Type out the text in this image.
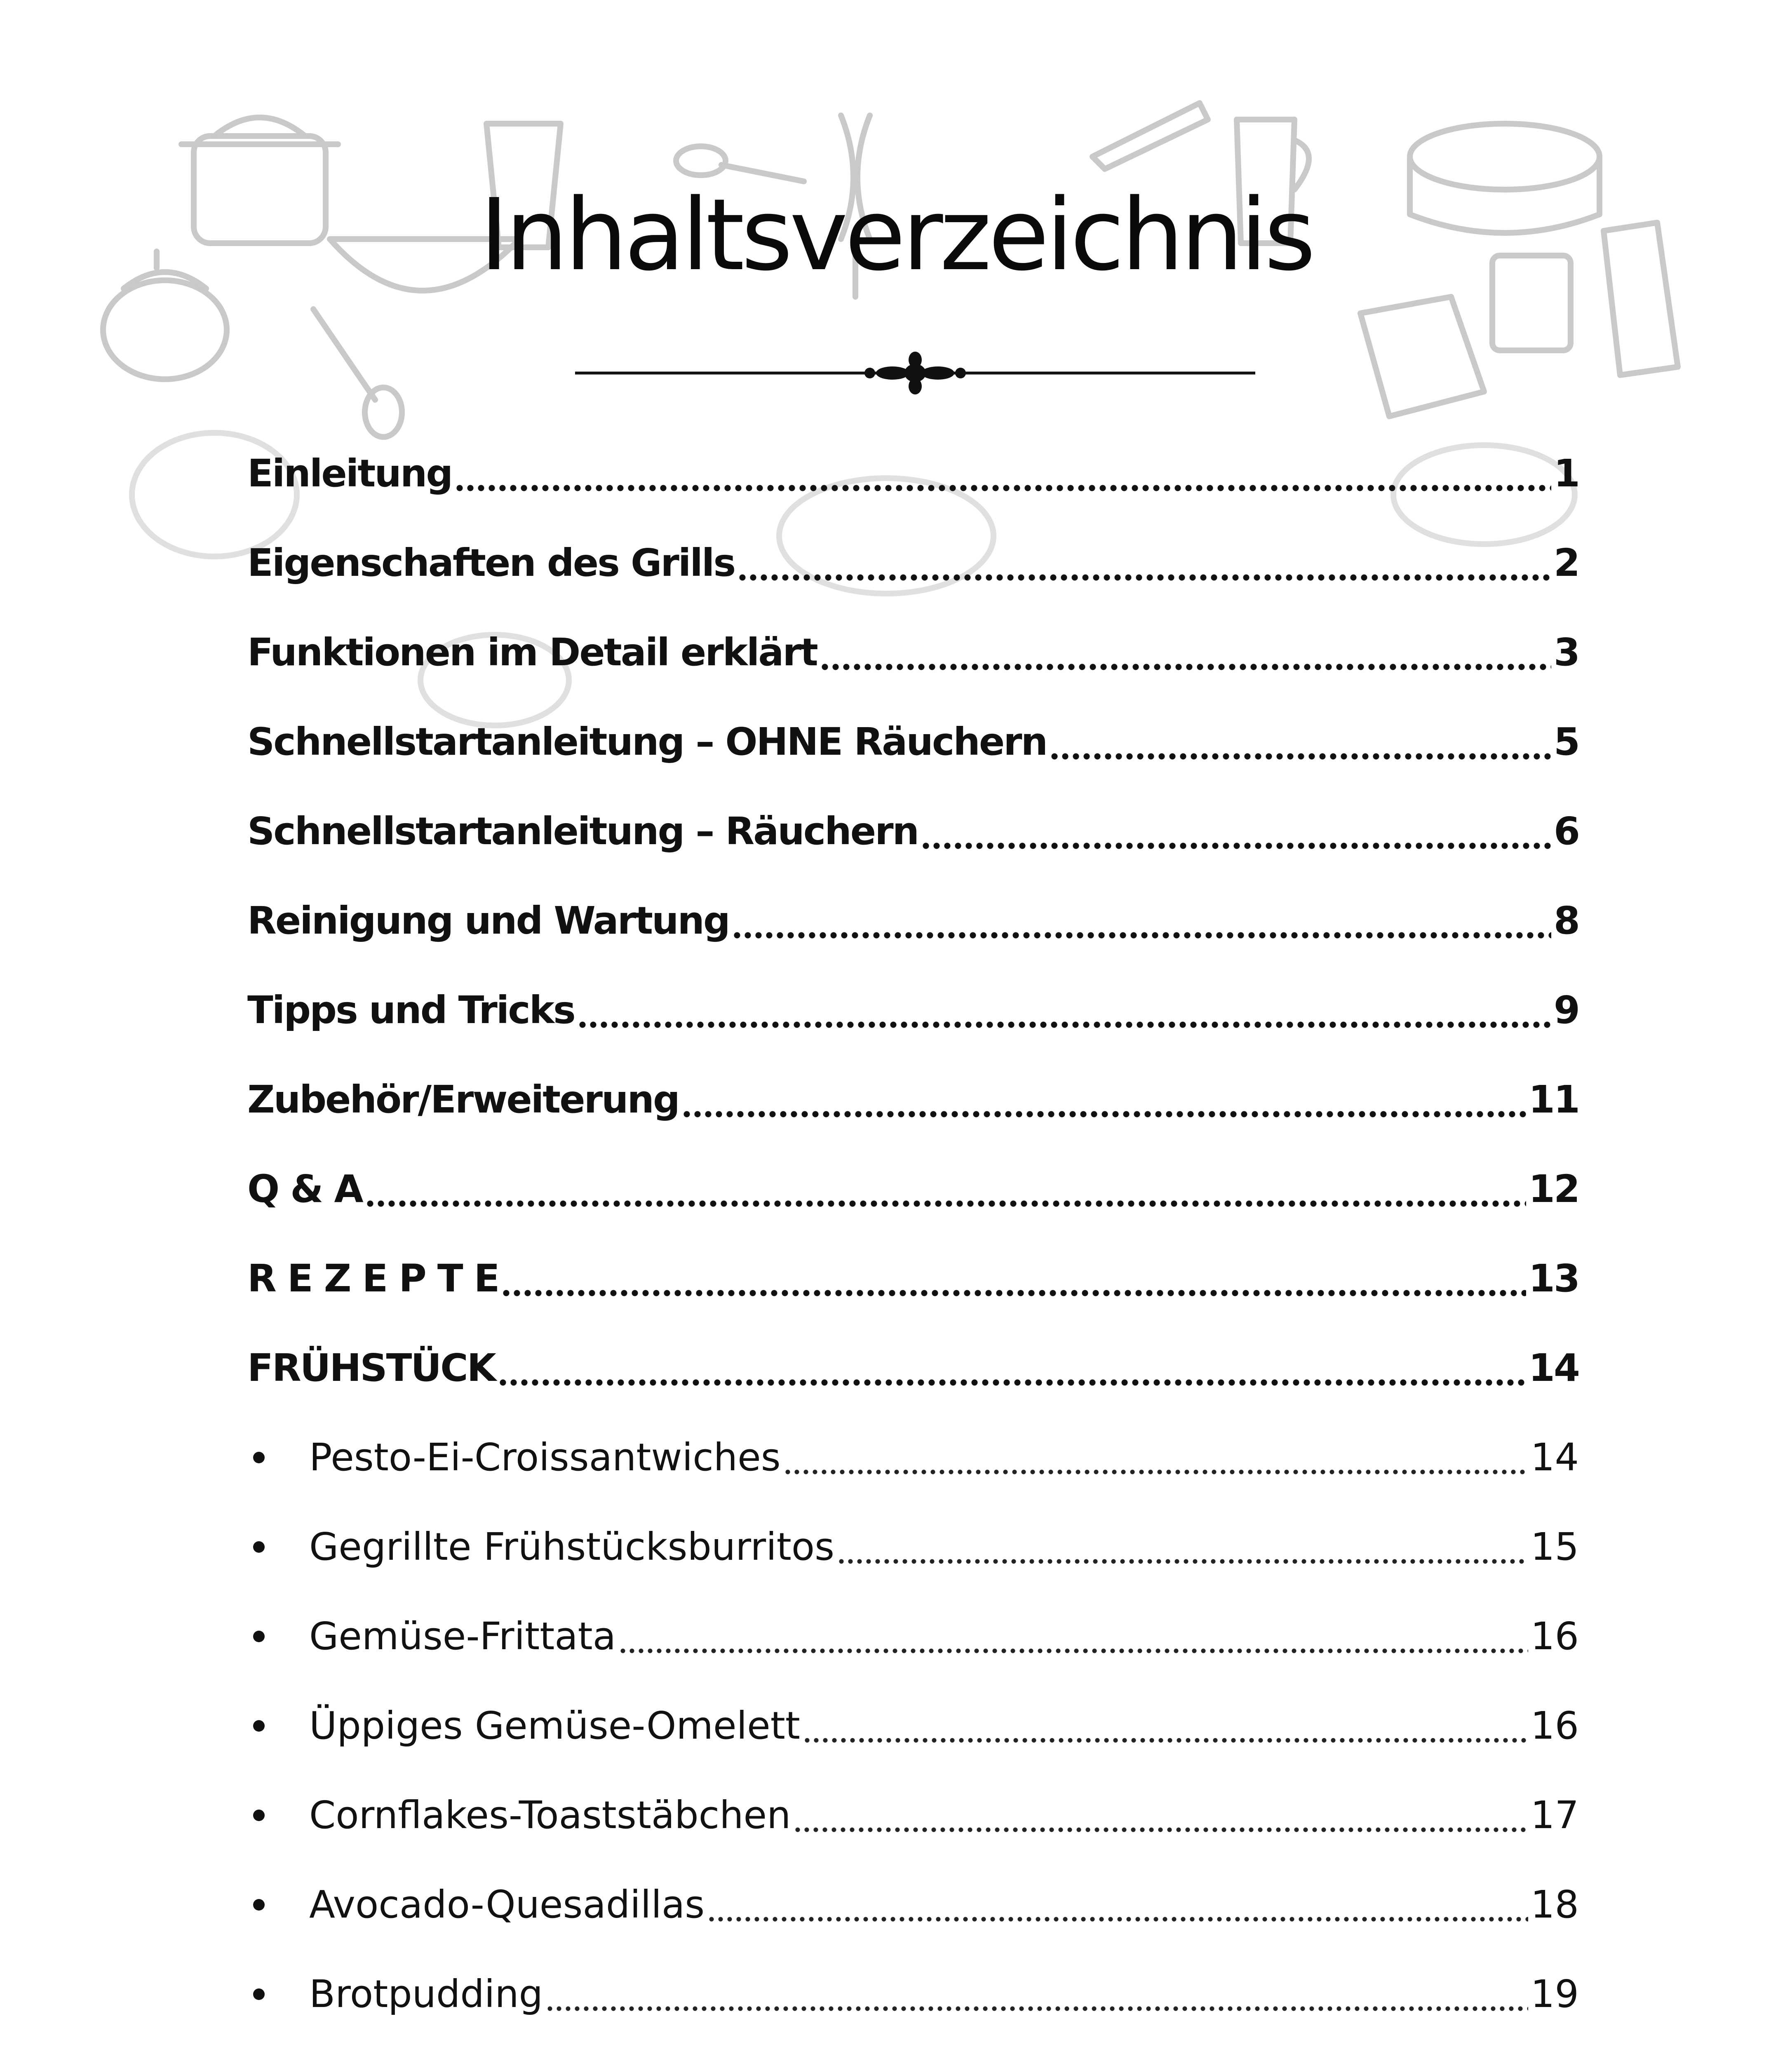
Inhaltsverzeichnis
Einleitung	1
Eigenschaften des Grills	2
Funktionen im Detail erklärt	3
Schnellstartanleitung – OHNE Räuchern	5
Schnellstartanleitung – Räuchern	6
Reinigung und Wartung	8
Tipps und Tricks	9
Zubehör/Erweiterung	11
Q & A	12
R E Z E P T E	13
FRÜHSTÜCK	14
Pesto-Ei-Croissantwiches	14
Gegrillte Frühstücksburritos	15
Gemüse-Frittata	16
Üppiges Gemüse-Omelett	16
Cornflakes-Toaststäbchen	17
Avocado-Quesadillas	18
Brotpudding	19
